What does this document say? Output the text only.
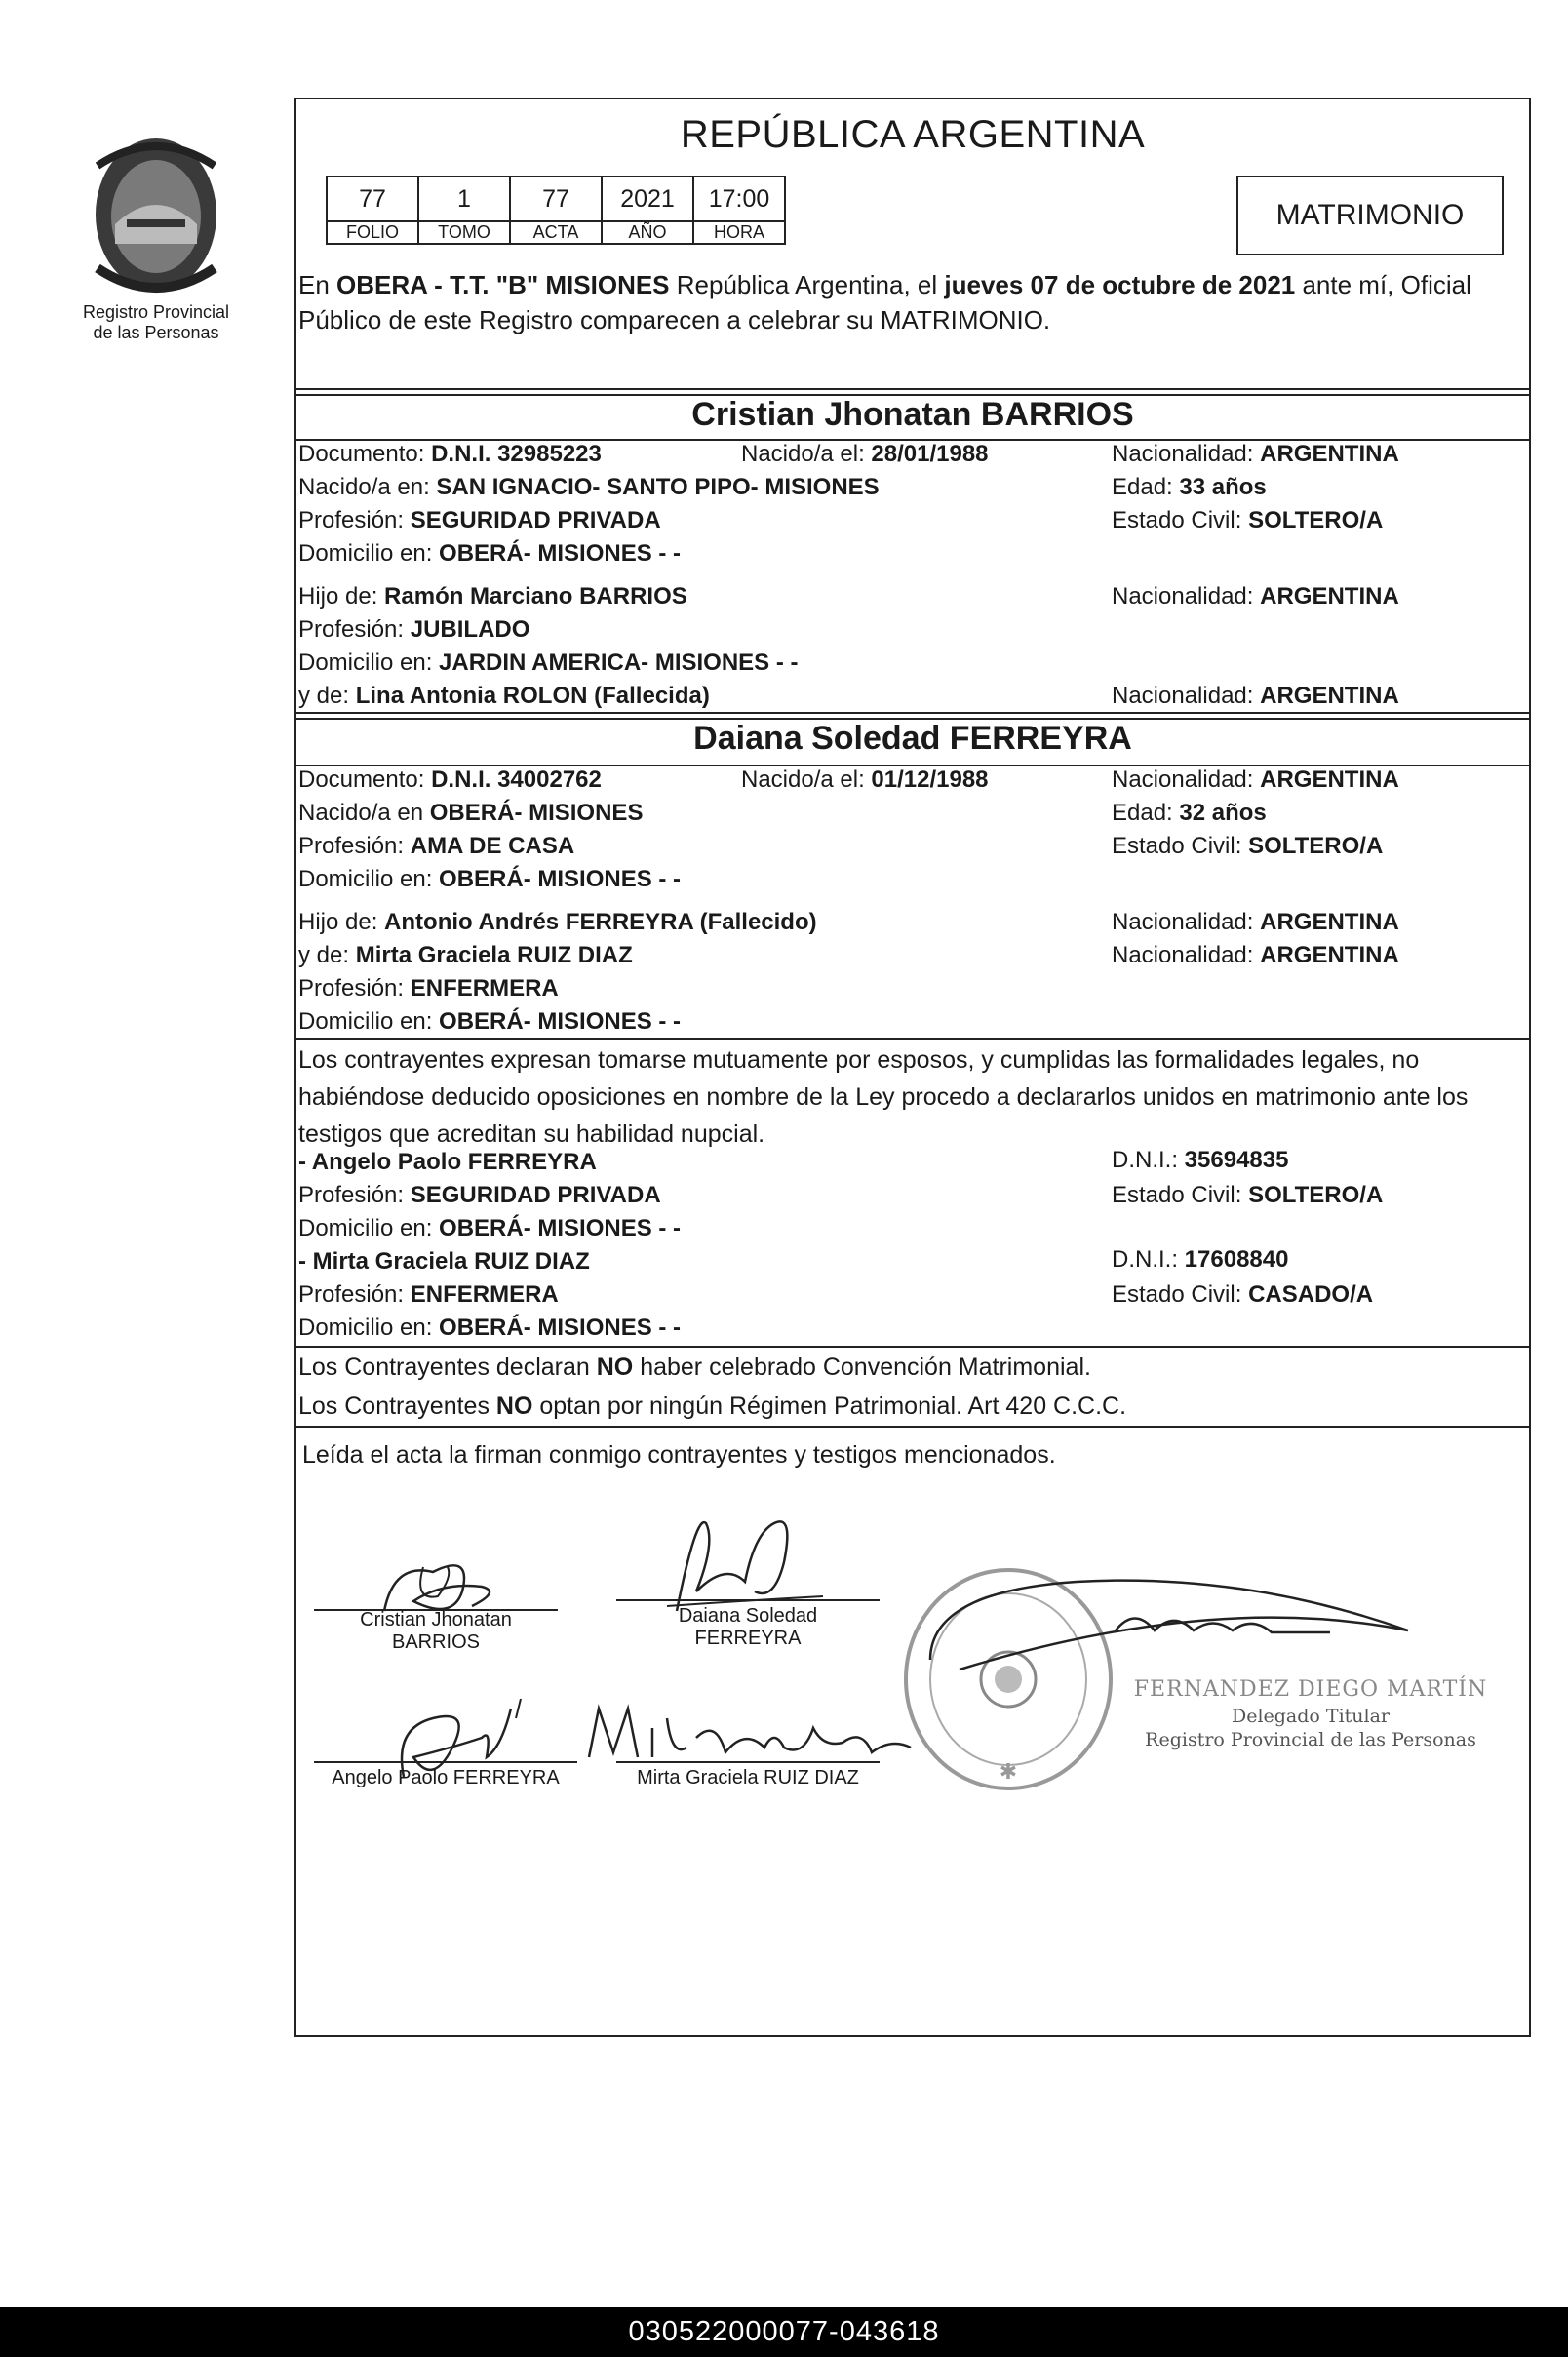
Registro Provincial
de las Personas
REPÚBLICA ARGENTINA
77	1	77	2021	17:00
FOLIO	TOMO	ACTA	AÑO	HORA
MATRIMONIO
En OBERA - T.T. "B" MISIONES República Argentina, el jueves 07 de octubre de 2021 ante mí, Oficial Público de este Registro comparecen a celebrar su MATRIMONIO.
Cristian Jhonatan BARRIOS
Documento: D.N.I. 32985223	Nacido/a el: 28/01/1988	Nacionalidad: ARGENTINA
Nacido/a en: SAN IGNACIO- SANTO PIPO- MISIONES	Edad: 33 años
Profesión: SEGURIDAD PRIVADA	Estado Civil: SOLTERO/A
Domicilio en: OBERÁ- MISIONES - -
Hijo de: Ramón Marciano BARRIOS	Nacionalidad: ARGENTINA
Profesión: JUBILADO
Domicilio en: JARDIN AMERICA- MISIONES - -
y de: Lina Antonia ROLON (Fallecida)	Nacionalidad: ARGENTINA
Daiana Soledad FERREYRA
Documento: D.N.I. 34002762	Nacido/a el: 01/12/1988	Nacionalidad: ARGENTINA
Nacido/a en OBERÁ- MISIONES	Edad: 32 años
Profesión: AMA DE CASA	Estado Civil: SOLTERO/A
Domicilio en: OBERÁ- MISIONES - -
Hijo de: Antonio Andrés FERREYRA (Fallecido)	Nacionalidad: ARGENTINA
y de: Mirta Graciela RUIZ DIAZ	Nacionalidad: ARGENTINA
Profesión: ENFERMERA
Domicilio en: OBERÁ- MISIONES - -
Los contrayentes expresan tomarse mutuamente por esposos, y cumplidas las formalidades legales, no habiéndose deducido oposiciones en nombre de la Ley procedo a declararlos unidos en matrimonio ante los testigos que acreditan su habilidad nupcial.
- Angelo Paolo FERREYRA	D.N.I.: 35694835
Profesión: SEGURIDAD PRIVADA	Estado Civil: SOLTERO/A
Domicilio en: OBERÁ- MISIONES - -
- Mirta Graciela RUIZ DIAZ	D.N.I.: 17608840
Profesión: ENFERMERA	Estado Civil: CASADO/A
Domicilio en: OBERÁ- MISIONES - -
Los Contrayentes declaran NO haber celebrado Convención Matrimonial.
Los Contrayentes NO optan por ningún Régimen Patrimonial. Art 420 C.C.C.
Leída el acta la firman conmigo contrayentes y testigos mencionados.
Cristian Jhonatan
BARRIOS
Daiana Soledad
FERREYRA
Angelo Paolo FERREYRA	Mirta Graciela RUIZ DIAZ	✱
FERNANDEZ DIEGO MARTÍN
Delegado Titular
Registro Provincial de las Personas
030522000077-043618
